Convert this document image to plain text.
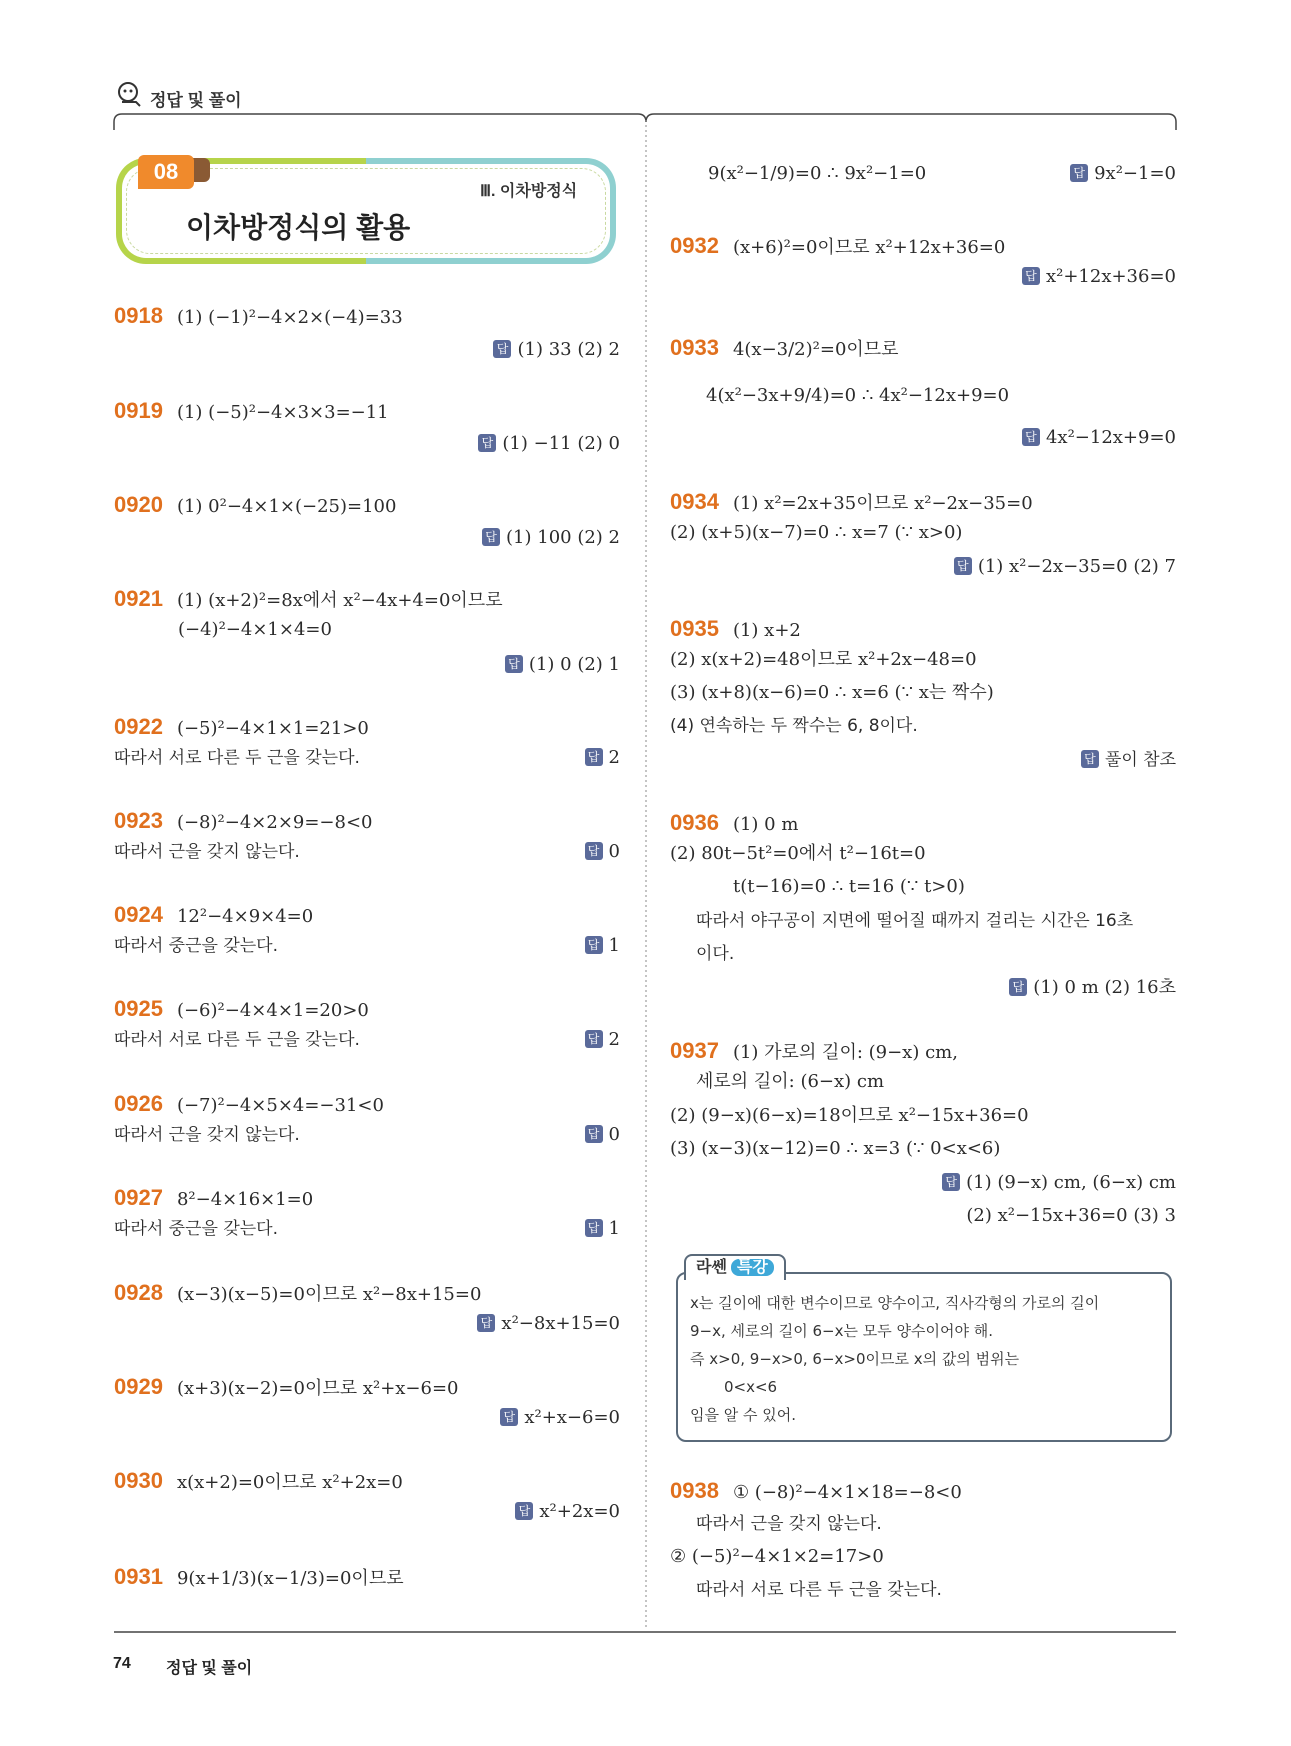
정답 및 풀이
08
Ⅲ. 이차방정식
이차방정식의 활용
0918 (1) (−1)²−4×2×(−4)=33
답(1) 33 (2) 2
0919 (1) (−5)²−4×3×3=−11
답(1) −11 (2) 0
0920 (1) 0²−4×1×(−25)=100
답(1) 100 (2) 2
0921 (1) (x+2)²=8x에서 x²−4x+4=0이므로
(−4)²−4×1×4=0
답(1) 0 (2) 1
0922 (−5)²−4×1×1=21>0
따라서 서로 다른 두 근을 갖는다. 답	2
0923 (−8)²−4×2×9=−8<0
따라서 근을 갖지 않는다. 답	0
0924 12²−4×9×4=0
따라서 중근을 갖는다. 답	1
0925 (−6)²−4×4×1=20>0
따라서 서로 다른 두 근을 갖는다. 답	2
0926 (−7)²−4×5×4=−31<0
따라서 근을 갖지 않는다. 답	0
0927 8²−4×16×1=0
따라서 중근을 갖는다. 답	1
0928 (x−3)(x−5)=0이므로 x²−8x+15=0
답x²−8x+15=0
0929 (x+3)(x−2)=0이므로 x²+x−6=0
답x²+x−6=0
0930 x(x+2)=0이므로 x²+2x=0
답x²+2x=0
0931 9(x+1/3)(x−1/3)=0이므로
9(x²−1/9)=0 ∴ 9x²−1=0 답	9x²−1=0
0932 (x+6)²=0이므로 x²+12x+36=0
답x²+12x+36=0
0933 4(x−3/2)²=0이므로
4(x²−3x+9/4)=0 ∴ 4x²−12x+9=0
답4x²−12x+9=0
0934 (1) x²=2x+35이므로 x²−2x−35=0
(2) (x+5)(x−7)=0 ∴ x=7 (∵ x>0)
답(1) x²−2x−35=0 (2) 7
0935 (1) x+2
(2) x(x+2)=48이므로 x²+2x−48=0
(3) (x+8)(x−6)=0 ∴ x=6 (∵ x는 짝수)
(4) 연속하는 두 짝수는 6, 8이다.
답풀이 참조
0936 (1) 0 m
(2) 80t−5t²=0에서 t²−16t=0
t(t−16)=0 ∴ t=16 (∵ t>0)
따라서 야구공이 지면에 떨어질 때까지 걸리는 시간은 16초
이다.
답(1) 0 m (2) 16초
0937 (1) 가로의 길이: (9−x) cm,
세로의 길이: (6−x) cm
(2) (9−x)(6−x)=18이므로 x²−15x+36=0
(3) (x−3)(x−12)=0 ∴ x=3 (∵ 0<x<6)
답(1) (9−x) cm, (6−x) cm
(2) x²−15x+36=0 (3) 3
라쎈 특강
x는 길이에 대한 변수이므로 양수이고, 직사각형의 가로의 길이
9−x, 세로의 길이 6−x는 모두 양수이어야 해.
즉 x>0, 9−x>0, 6−x>0이므로 x의 값의 범위는
0<x<6
임을 알 수 있어.
0938 ① (−8)²−4×1×18=−8<0
따라서 근을 갖지 않는다.
② (−5)²−4×1×2=17>0
따라서 서로 다른 두 근을 갖는다.
74 정답 및 풀이
